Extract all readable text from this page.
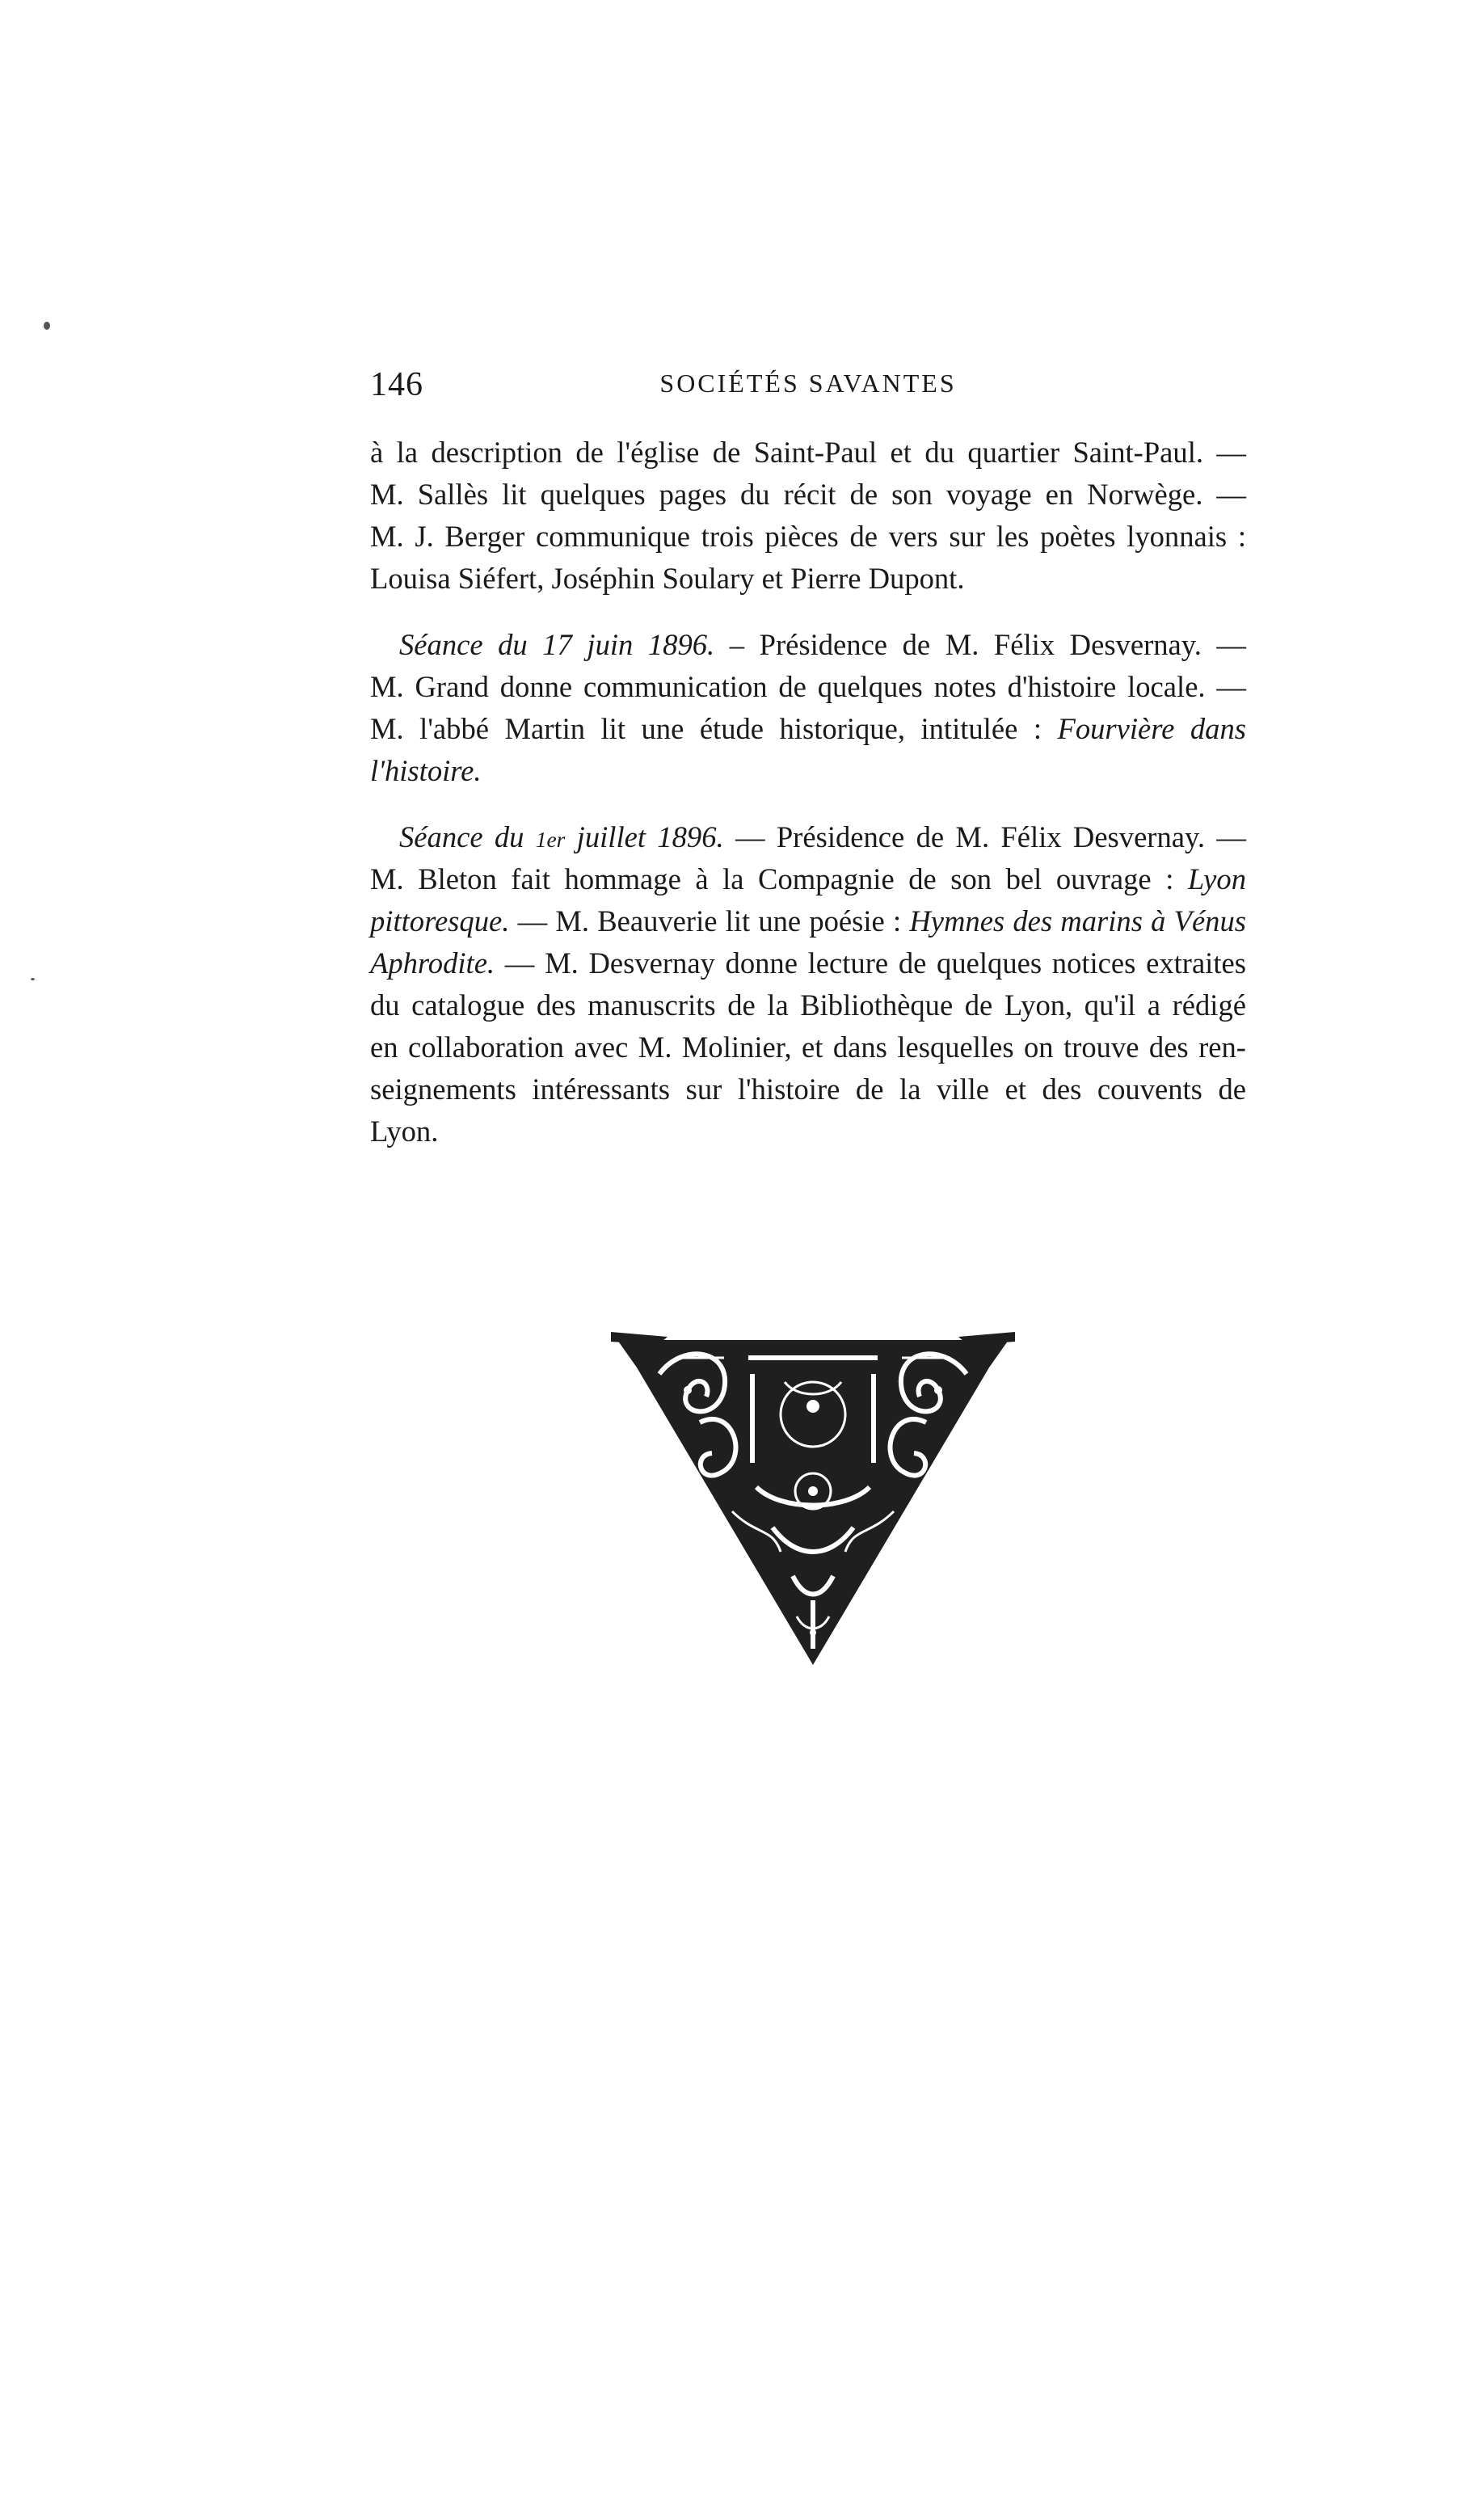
146	SOCIÉTÉS SAVANTES

à la description de l'église de Saint-Paul et du quartier Saint-Paul. —
M. Sallès lit quelques pages du récit de son voyage en Norwège. —
M. J. Berger communique trois pièces de vers sur les poètes lyonnais :
Louisa Siéfert, Joséphin Soulary et Pierre Dupont.

Séance du 17 juin 1896. – Présidence de M. Félix Desvernay. —
M. Grand donne communication de quelques notes d'histoire locale. —
M. l'abbé Martin lit une étude historique, intitulée : Fourvière dans
l'histoire.

Séance du 1er juillet 1896. — Présidence de M. Félix Desvernay. —
M. Bleton fait hommage à la Compagnie de son bel ouvrage : Lyon
pittoresque. — M. Beauverie lit une poésie : Hymnes des marins à Vénus
Aphrodite. — M. Desvernay donne lecture de quelques notices extraites
du catalogue des manuscrits de la Bibliothèque de Lyon, qu'il a rédigé
en collaboration avec M. Molinier, et dans lesquelles on trouve des ren-
seignements intéressants sur l'histoire de la ville et des couvents de
Lyon.
